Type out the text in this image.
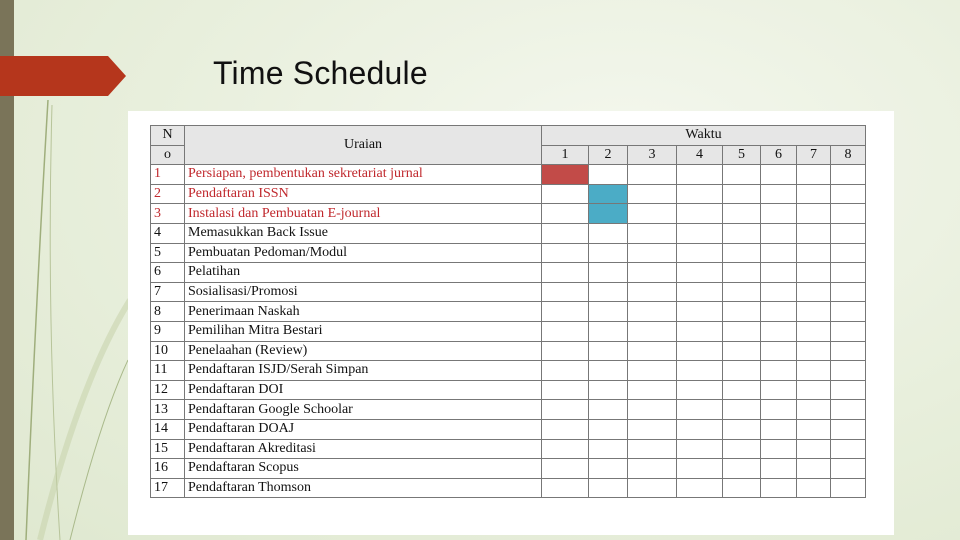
Time Schedule
N	Uraian	Waktu							
o		1	2	3	4	5	6	7	8
1	Persiapan, pembentukan sekretariat jurnal								
2	Pendaftaran ISSN								
3	Instalasi dan Pembuatan E-journal								
4	Memasukkan Back Issue								
5	Pembuatan Pedoman/Modul								
6	Pelatihan								
7	Sosialisasi/Promosi								
8	Penerimaan Naskah								
9	Pemilihan Mitra Bestari								
10	Penelaahan (Review)								
11	Pendaftaran ISJD/Serah Simpan								
12	Pendaftaran DOI								
13	Pendaftaran Google Schoolar								
14	Pendaftaran DOAJ								
15	Pendaftaran Akreditasi								
16	Pendaftaran Scopus								
17	Pendaftaran Thomson								
